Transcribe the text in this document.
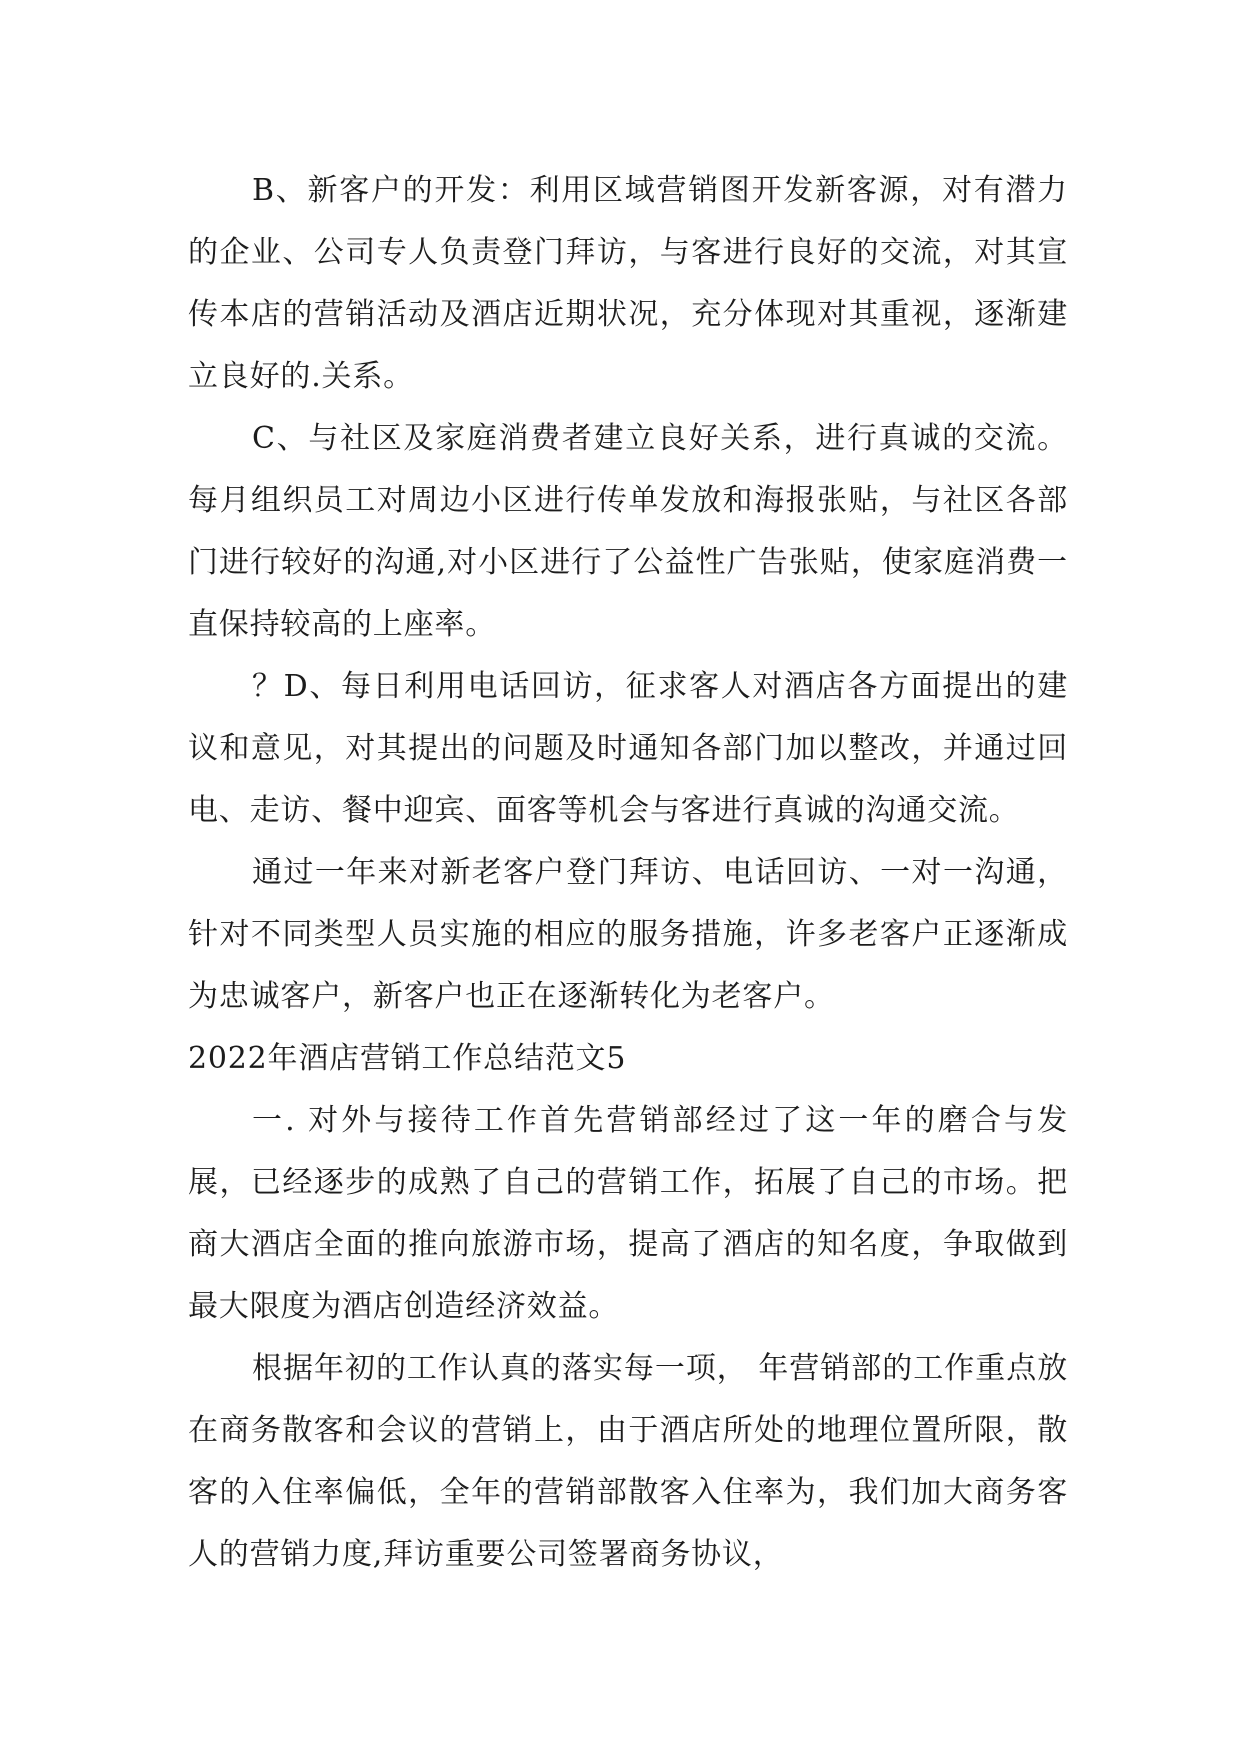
B、新客户的开发：利用区域营销图开发新客源，对有潜力的企业、公司专人负责登门拜访，与客进行良好的交流，对其宣传本店的营销活动及酒店近期状况，充分体现对其重视，逐渐建立良好的.关系。

C、与社区及家庭消费者建立良好关系，进行真诚的交流。每月组织员工对周边小区进行传单发放和海报张贴，与社区各部门进行较好的沟通,对小区进行了公益性广告张贴，使家庭消费一直保持较高的上座率。

？D、每日利用电话回访，征求客人对酒店各方面提出的建议和意见，对其提出的问题及时通知各部门加以整改，并通过回电、走访、餐中迎宾、面客等机会与客进行真诚的沟通交流。

通过一年来对新老客户登门拜访、电话回访、一对一沟通，针对不同类型人员实施的相应的服务措施，许多老客户正逐渐成为忠诚客户，新客户也正在逐渐转化为老客户。

2022年酒店营销工作总结范文5

一. 对外与接待工作首先营销部经过了这一年的磨合与发展，已经逐步的成熟了自己的营销工作，拓展了自己的市场。把商大酒店全面的推向旅游市场，提高了酒店的知名度，争取做到最大限度为酒店创造经济效益。

根据年初的工作认真的落实每一项， 年营销部的工作重点放在商务散客和会议的营销上，由于酒店所处的地理位置所限，散客的入住率偏低，全年的营销部散客入住率为，我们加大商务客人的营销力度,拜访重要公司签署商务协议，
